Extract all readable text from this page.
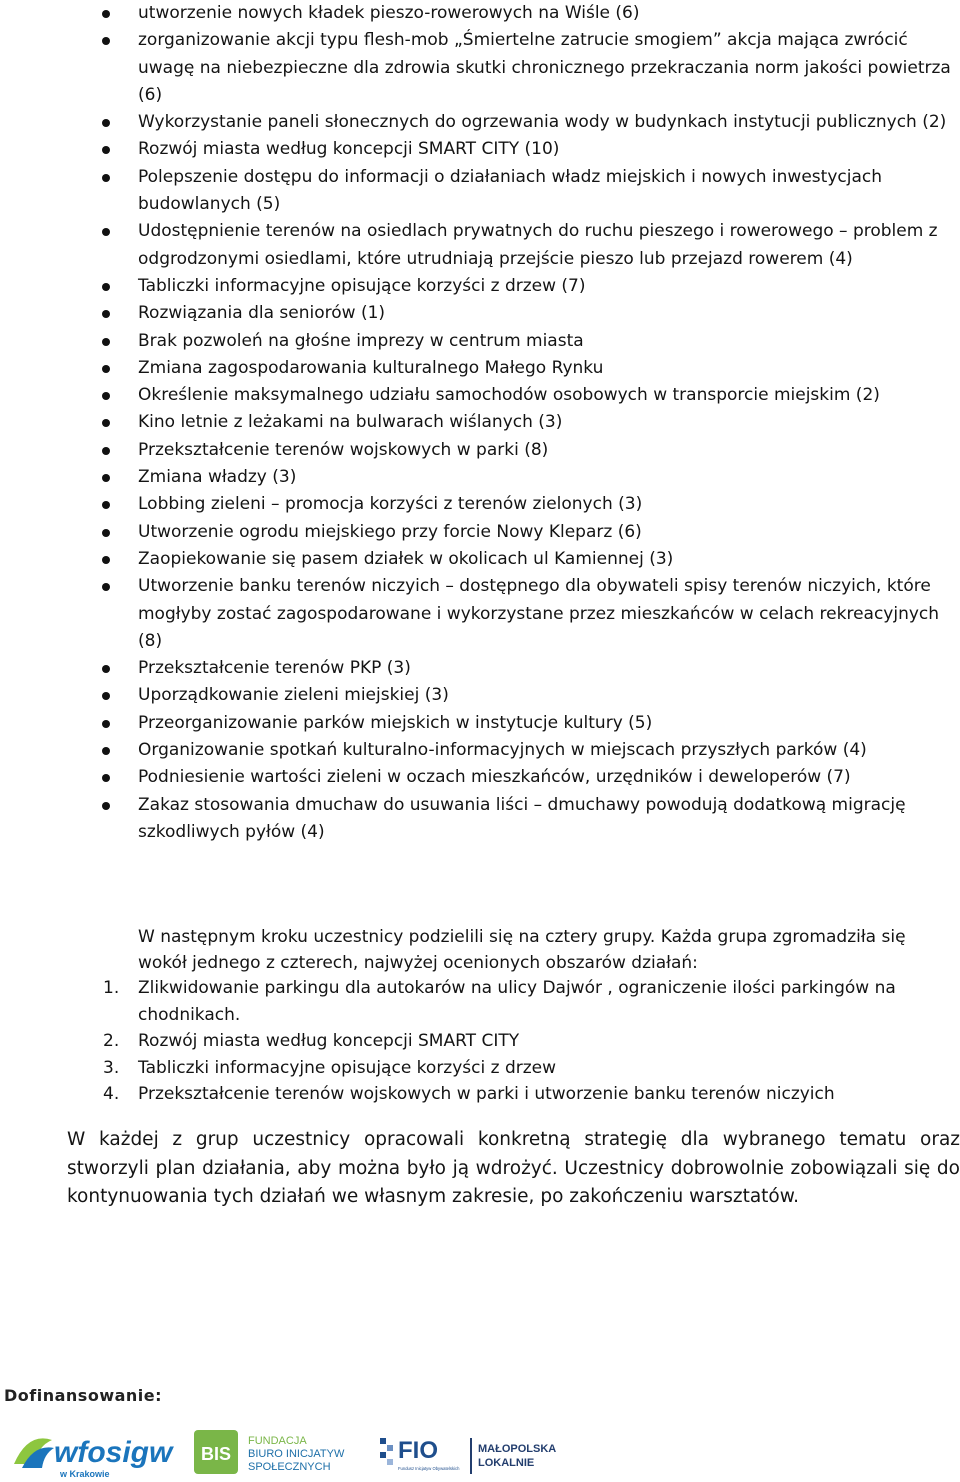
utworzenie nowych kładek pieszo-rowerowych na Wiśle (6)
zorganizowanie akcji typu flesh-mob „Śmiertelne zatrucie smogiem” akcja mająca zwrócić uwagę na niebezpieczne dla zdrowia skutki chronicznego przekraczania norm jakości powietrza (6)
Wykorzystanie paneli słonecznych do ogrzewania wody w budynkach instytucji publicznych (2)
Rozwój miasta według koncepcji SMART CITY (10)
Polepszenie dostępu do informacji o działaniach władz miejskich i nowych inwestycjach budowlanych (5)
Udostępnienie terenów na osiedlach prywatnych do ruchu pieszego i rowerowego – problem z odgrodzonymi osiedlami, które utrudniają przejście pieszo lub przejazd rowerem (4)
Tabliczki informacyjne opisujące korzyści z drzew (7)
Rozwiązania dla seniorów (1)
Brak pozwoleń na głośne imprezy w centrum miasta
Zmiana zagospodarowania kulturalnego Małego Rynku
Określenie maksymalnego udziału samochodów osobowych w transporcie miejskim (2)
Kino letnie z leżakami na bulwarach wiślanych (3)
Przekształcenie terenów wojskowych w parki (8)
Zmiana władzy (3)
Lobbing zieleni – promocja korzyści z terenów zielonych (3)
Utworzenie ogrodu miejskiego przy forcie Nowy Kleparz (6)
Zaopiekowanie się pasem działek w okolicach ul Kamiennej (3)
Utworzenie banku terenów niczyich – dostępnego dla obywateli spisy terenów niczyich, które mogłyby zostać zagospodarowane i wykorzystane przez mieszkańców w celach rekreacyjnych (8)
Przekształcenie terenów PKP (3)
Uporządkowanie zieleni miejskiej (3)
Przeorganizowanie parków miejskich w instytucje kultury (5)
Organizowanie spotkań kulturalno-informacyjnych w miejscach przyszłych parków (4)
Podniesienie wartości zieleni w oczach mieszkańców, urzędników i deweloperów (7)
Zakaz stosowania dmuchaw do usuwania liści – dmuchawy powodują dodatkową migrację szkodliwych pyłów (4)
W następnym kroku uczestnicy podzielili się na cztery grupy. Każda grupa zgromadziła się wokół jednego z czterech, najwyżej ocenionych obszarów działań:
1. Zlikwidowanie parkingu dla autokarów na ulicy Dajwór , ograniczenie ilości parkingów na chodnikach.
2. Rozwój miasta według koncepcji SMART CITY
3. Tabliczki informacyjne opisujące korzyści z drzew
4. Przekształcenie terenów wojskowych w parki i utworzenie banku terenów niczyich
W każdej z grup uczestnicy opracowali konkretną strategię dla wybranego tematu oraz stworzyli plan działania, aby można było ją wdrożyć. Uczestnicy dobrowolnie zobowiązali się do kontynuowania tych działań we własnym zakresie, po zakończeniu warsztatów.
Dofinansowanie:
wfosigw
w Krakowie
BIS
FUNDACJA
BIURO INICJATYW
SPOŁECZNYCH
FIO
Fundusz Inicjatyw Obywatelskich
MAŁOPOLSKA
LOKALNIE
